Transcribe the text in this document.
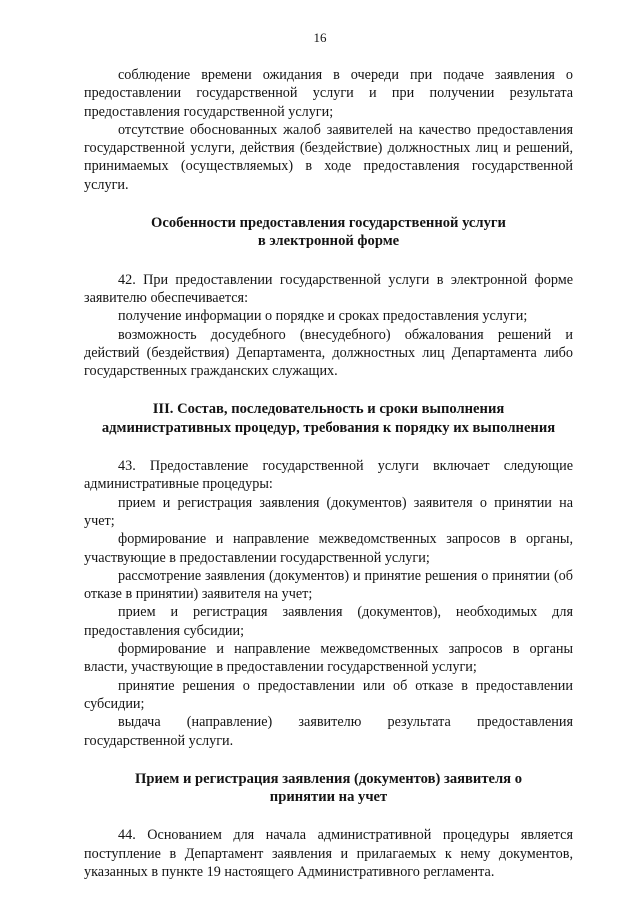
16

соблюдение времени ожидания в очереди при подаче заявления о предоставлении государственной услуги и при получении результата предоставления государственной услуги;

отсутствие обоснованных жалоб заявителей на качество предоставления государственной услуги, действия (бездействие) должностных лиц и решений, принимаемых (осуществляемых) в ходе предоставления государственной услуги.

Особенности предоставления государственной услуги
в электронной форме

42. При предоставлении государственной услуги в электронной форме заявителю обеспечивается:

получение информации о порядке и сроках предоставления услуги;

возможность досудебного (внесудебного) обжалования решений и действий (бездействия) Департамента, должностных лиц Департамента либо государственных гражданских служащих.

III. Состав, последовательность и сроки выполнения
административных процедур, требования к порядку их выполнения

43. Предоставление государственной услуги включает следующие административные процедуры:

прием и регистрация заявления (документов) заявителя о принятии на учет;

формирование и направление межведомственных запросов в органы, участвующие в предоставлении государственной услуги;

рассмотрение заявления (документов) и принятие решения о принятии (об отказе в принятии) заявителя на учет;

прием и регистрация заявления (документов), необходимых для предоставления субсидии;

формирование и направление межведомственных запросов в органы власти, участвующие в предоставлении государственной услуги;

принятие решения о предоставлении или об отказе в предоставлении субсидии;

выдача (направление) заявителю результата предоставления государственной услуги.

Прием и регистрация заявления (документов) заявителя о
принятии на учет

44. Основанием для начала административной процедуры является поступление в Департамент заявления и прилагаемых к нему документов, указанных в пункте 19 настоящего Административного регламента.
